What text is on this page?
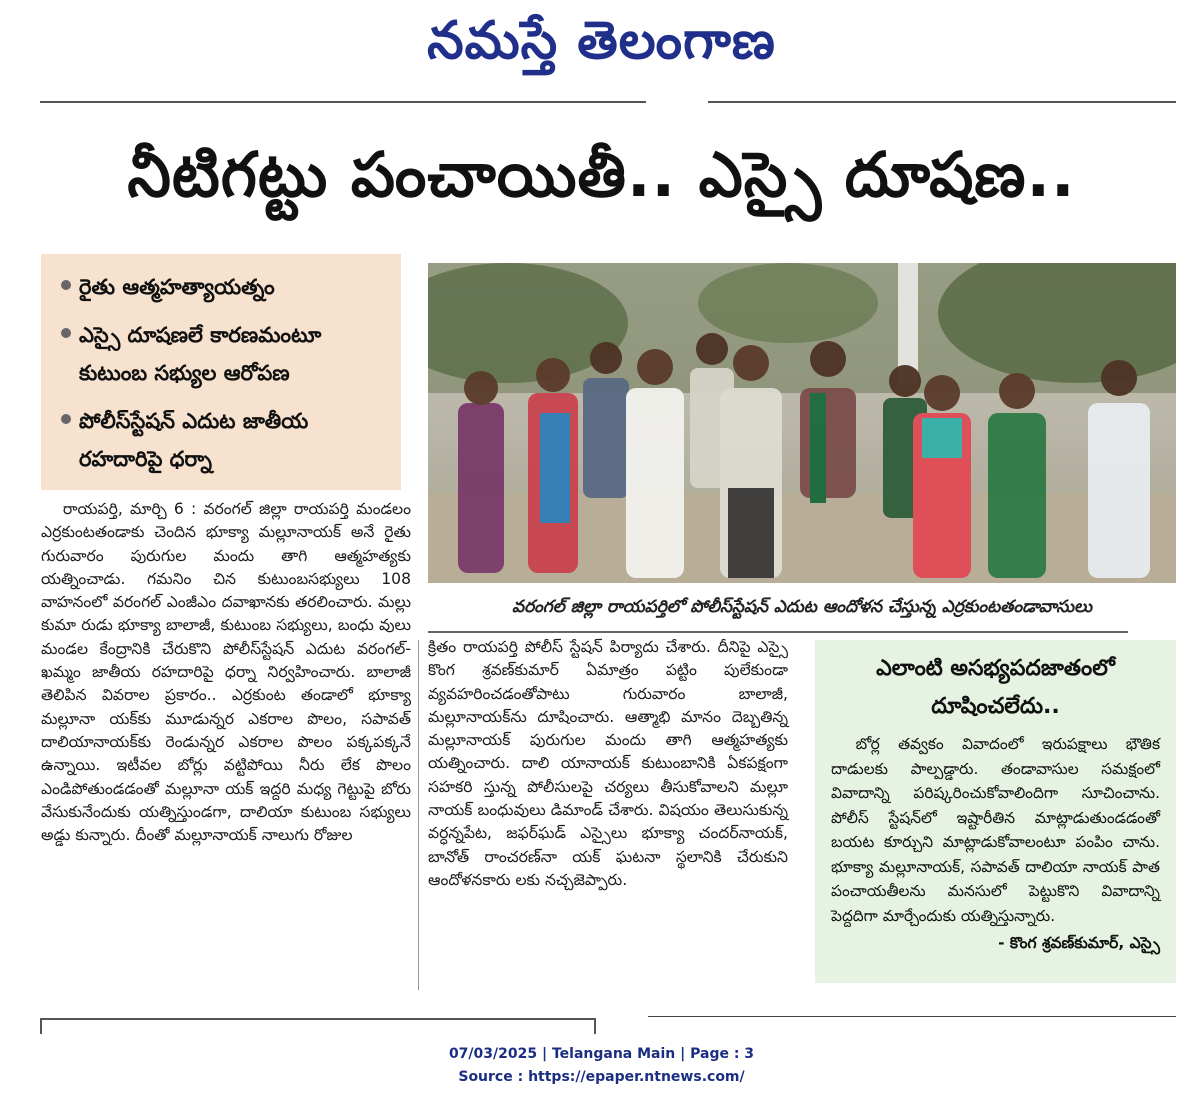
నమస్తే తెలంగాణ
నీటిగట్టు పంచాయితీ.. ఎస్సై దూషణ..
రైతు ఆత్మహత్యాయత్నం
ఎస్సై దూషణలే కారణమంటూ కుటుంబ సభ్యుల ఆరోపణ
పోలీస్‌స్టేషన్ ఎదుట జాతీయ రహదారిపై ధర్నా
వరంగల్ జిల్లా రాయపర్తిలో పోలీస్‌స్టేషన్ ఎదుట ఆందోళన చేస్తున్న ఎర్రకుంటతండావాసులు

రాయపర్తి, మార్చి 6 : వరంగల్ జిల్లా రాయపర్తి మండలం ఎర్రకుంటతండాకు చెందిన భూక్యా మల్లూనాయక్ అనే రైతు గురువారం పురుగుల మందు తాగి ఆత్మహత్యకు యత్నించాడు. గమనిం చిన కుటుంబసభ్యులు 108 వాహనంలో వరంగల్ ఎంజీఎం దవాఖానకు తరలించారు. మల్లు కుమా రుడు భూక్యా బాలాజీ, కుటుంబ సభ్యులు, బంధు వులు మండల కేంద్రానికి చేరుకొని పోలీస్‌స్టేషన్ ఎదుట వరంగల్-ఖమ్మం జాతీయ రహదారిపై ధర్నా నిర్వహించారు. బాలాజీ తెలిపిన వివరాల ప్రకారం.. ఎర్రకుంట తండాలో భూక్యా మల్లూనా యక్‌కు మూడున్నర ఎకరాల పొలం, సపావత్ దాలియానాయక్‌కు రెండున్నర ఎకరాల పొలం పక్కపక్కనే ఉన్నాయి. ఇటీవల బోర్లు వట్టిపోయి నీరు లేక పొలం ఎండిపోతుండడంతో మల్లూనా యక్ ఇద్దరి మధ్య గెట్టుపై బోరు వేసుకునేందుకు యత్నిస్తుండగా, దాలియా కుటుంబ సభ్యులు అడ్డు కున్నారు. దీంతో మల్లూనాయక్ నాలుగు రోజుల

క్రితం రాయపర్తి పోలీస్ స్టేషన్ పిర్యాదు చేశారు. దీనిపై ఎస్సై కొంగ శ్రవణ్‌కుమార్ ఏమాత్రం పట్టిం పులేకుండా వ్యవహరించడంతోపాటు గురువారం బాలాజీ, మల్లూనాయక్‌ను దూషించారు. ఆత్మాభి మానం దెబ్బతిన్న మల్లూనాయక్ పురుగుల మందు తాగి ఆత్మహత్యకు యత్నించారు. దాలి యానాయక్ కుటుంబానికి ఏకపక్షంగా సహకరి స్తున్న పోలీసులపై చర్యలు తీసుకోవాలని మల్లూ నాయక్ బంధువులు డిమాండ్ చేశారు. విషయం తెలుసుకున్న వర్ధన్నపేట, జఫర్‌ఘడ్ ఎస్సైలు భూక్యా చందర్‌నాయక్, బానోత్ రాంచరణ్‌నా యక్ ఘటనా స్థలానికి చేరుకుని ఆందోళనకారు లకు నచ్చజెప్పారు.

ఎలాంటి అసభ్యపదజాతంలో దూషించలేదు..

బోర్ల తవ్వకం వివాదంలో ఇరుపక్షాలు భౌతిక దాడులకు పాల్పడ్డారు. తండావాసుల సమక్షంలో వివాదాన్ని పరిష్కరించుకోవాలిందిగా సూచించాను. పోలీస్ స్టేషన్‌లో ఇష్టారీతిన మాట్లాడుతుండడంతో బయట కూర్చుని మాట్లాడుకోవాలంటూ పంపిం చాను. భూక్యా మల్లూనాయక్, సపావత్ దాలియా నాయక్ పాత పంచాయతీలను మనసులో పెట్టుకొని వివాదాన్ని పెద్దదిగా మార్చేందుకు యత్నిస్తున్నారు.

- కొంగ శ్రవణ్‌కుమార్, ఎస్సై
07/03/2025 | Telangana Main | Page : 3
Source : https://epaper.ntnews.com/
